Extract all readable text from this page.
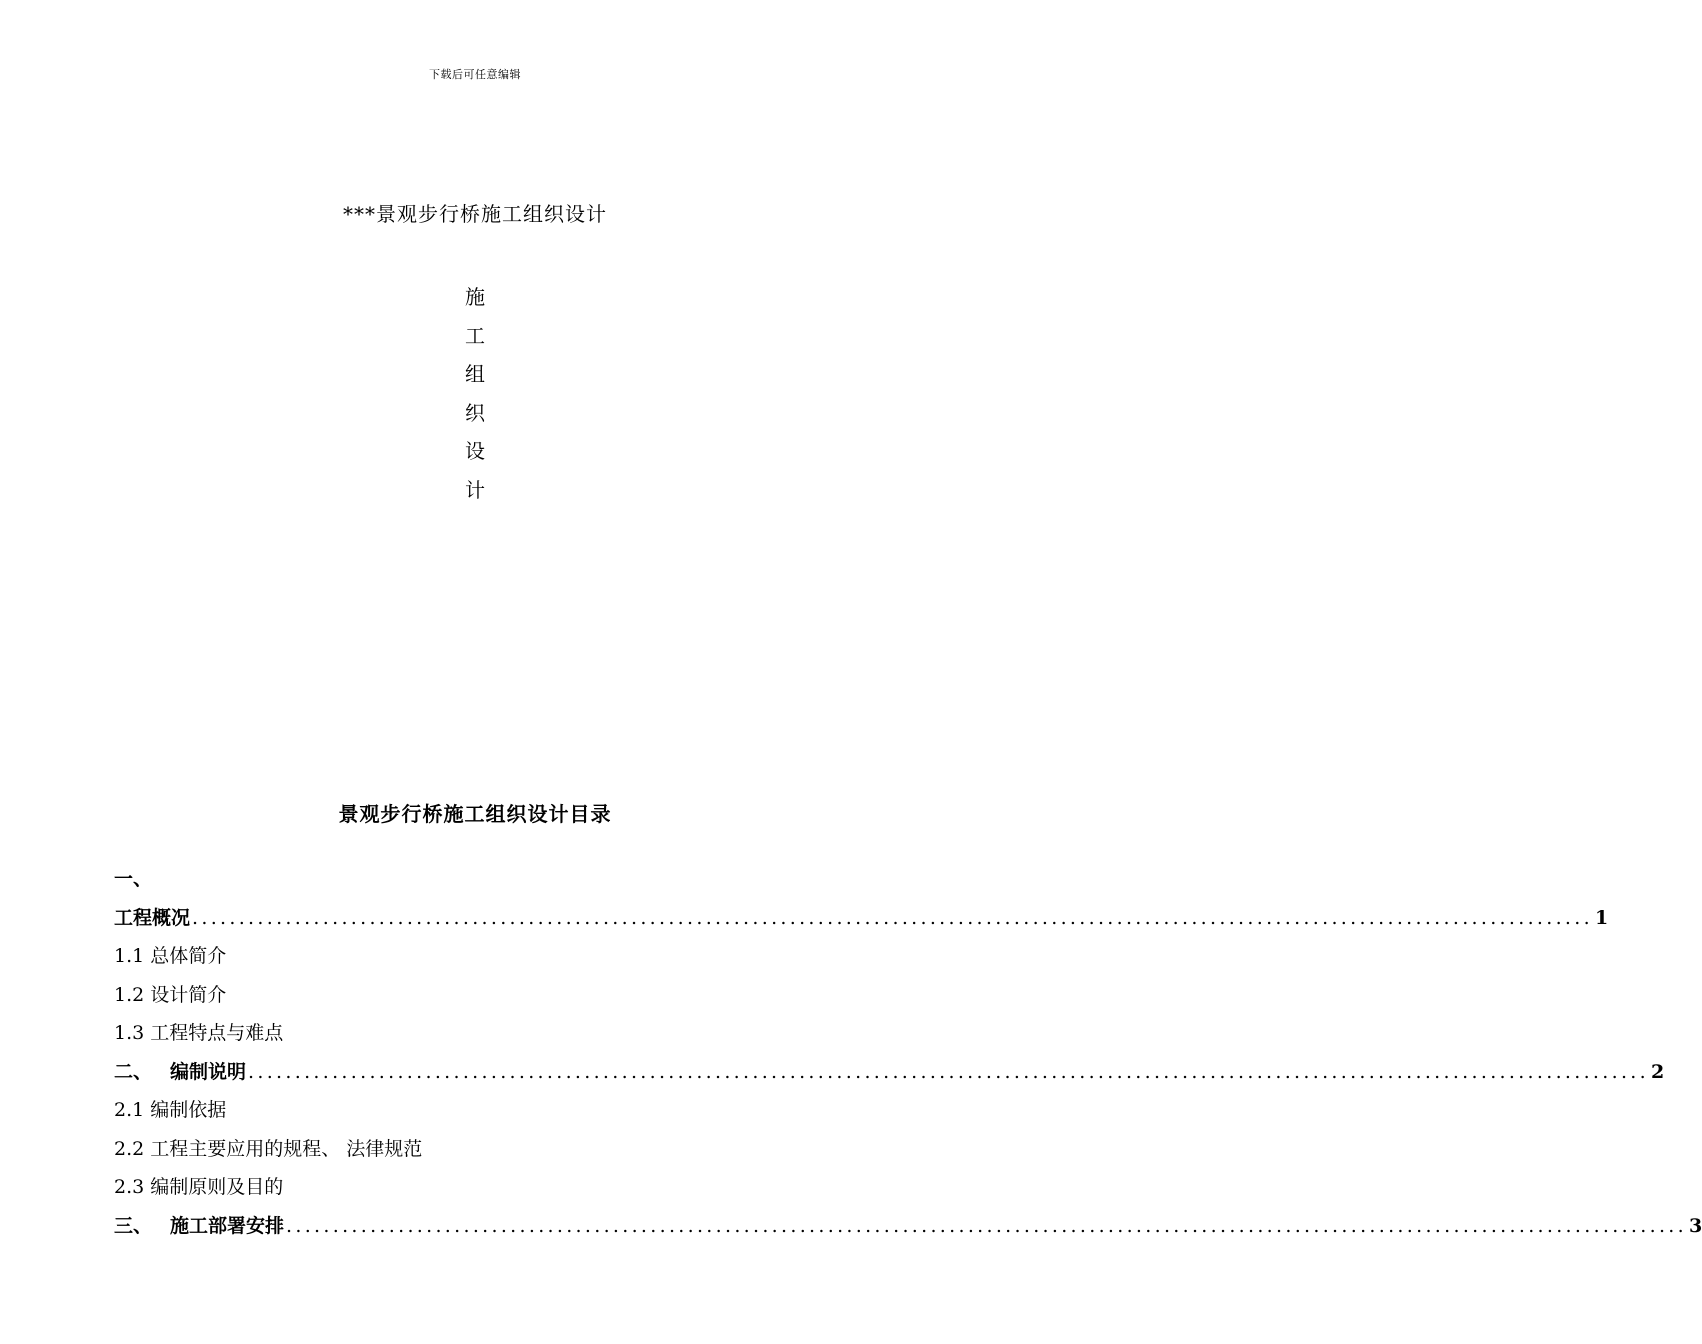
下载后可任意编辑
***景观步行桥施工组织设计
施
工
组
织
设
计
景观步行桥施工组织设计目录
一、
工程概况 ...................................................................................................................................................... 1
1.1 总体简介
1.2 设计简介
1.3 工程特点与难点
二、 编制说明 ...................................................................................................................................................... 2
2.1 编制依据
2.2 工程主要应用的规程、 法律规范
2.3 编制原则及目的
三、 施工部署安排 ...................................................................................................................................................... 3
